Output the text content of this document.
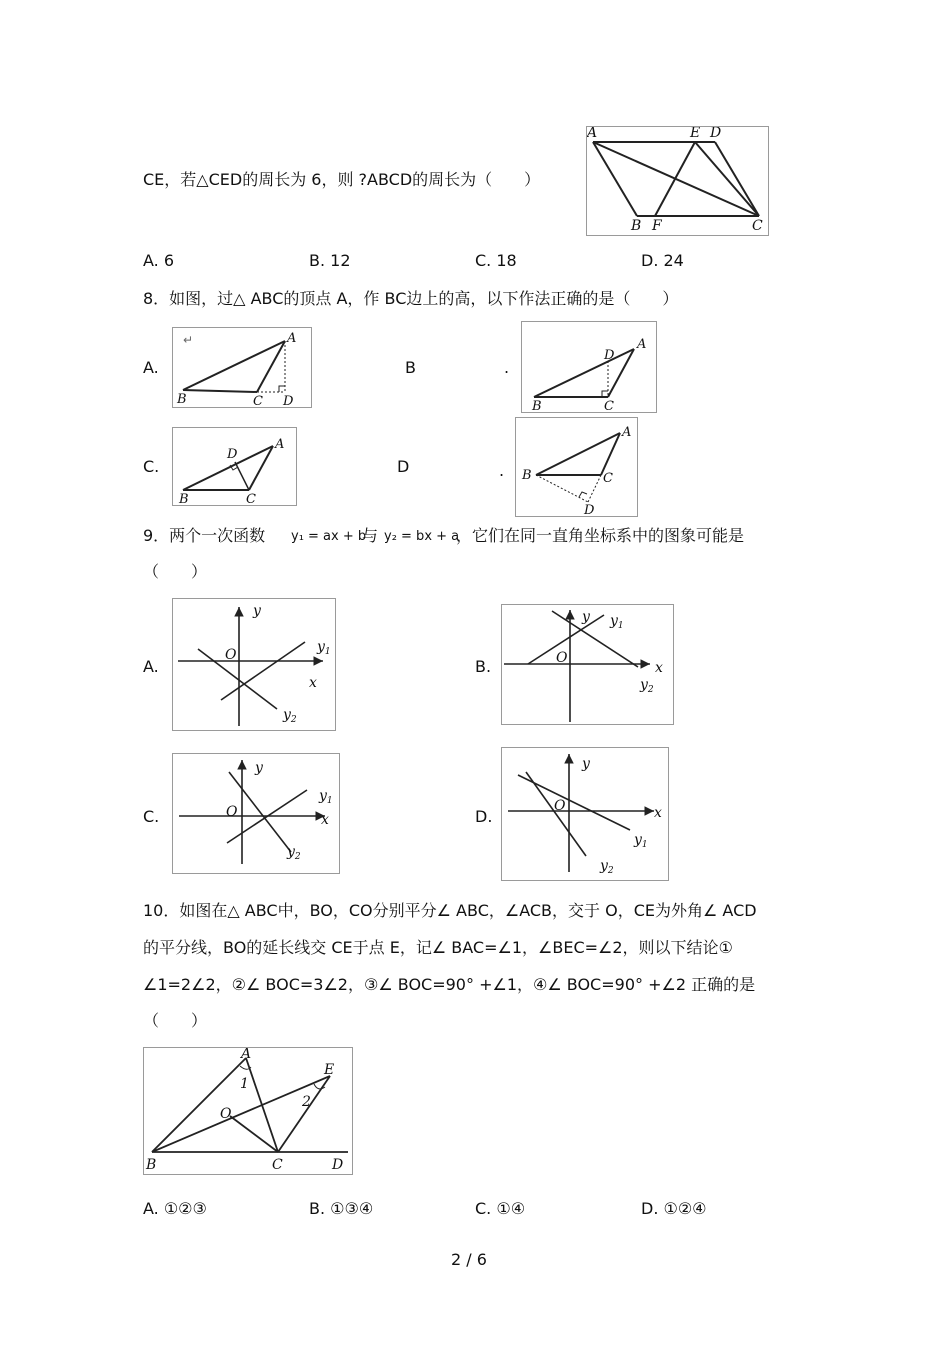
CE，若△CED的周长为 6，则 ?ABCD的周长为（　　）
A	E D
B F	C
A. 6	B. 12	C. 18	D. 24
8．如图，过△ ABC的顶点 A，作 BC边上的高，以下作法正确的是（　　）
A.
↵	A
B	C D
B	.
A
D
B	C
C.
A
D
B	C
D	.
A
B	C
D
9．两个一次函数 y₁ = ax + b
与 y₂ = bx + a
，它们在同一直角坐标系中的图象可能是
（　　）
A.
y
x
O	$y_1$
$y_2$
B.
y
x
O
$y_1$
$y_2$
C.
y
x
O
$y_1$
$y_2$
D.
y
x
O
$y_1$
$y_2$
10．如图在△ ABC中，BO，CO分别平分∠ ABC，∠ACB，交于 O，CE为外角∠ ACD
的平分线，BO的延长线交 CE于点 E，记∠ BAC=∠1，∠BEC=∠2，则以下结论①
∠1=2∠2，②∠ BOC=3∠2，③∠ BOC=90° +∠1，④∠ BOC=90° +∠2 正确的是
（　　）
A
1
O
2
E
B	C	D
A. ①②③	B. ①③④	C. ①④	D. ①②④
2 / 6
